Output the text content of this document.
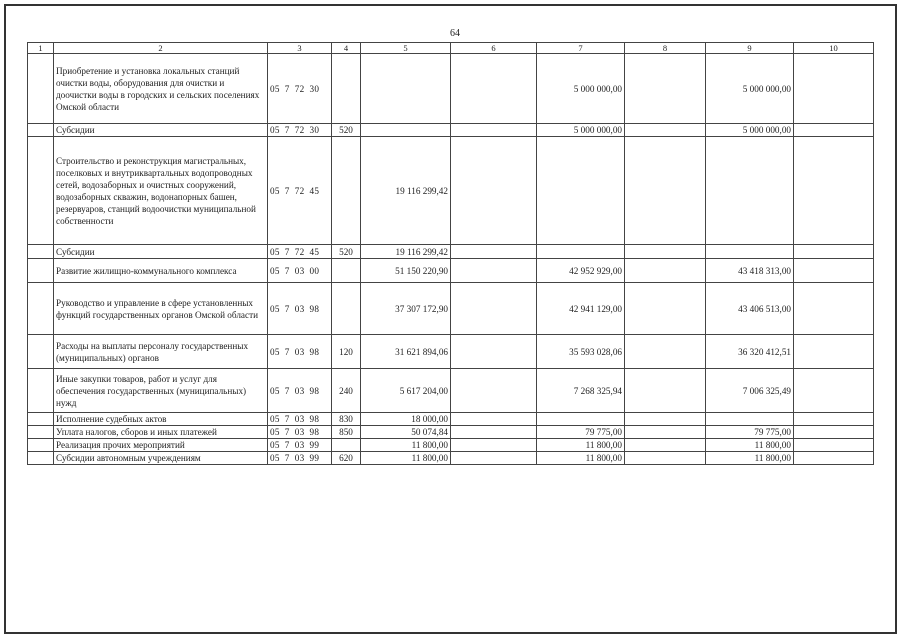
64
1	2	3	4	5	6	7	8	9	10
	Приобретение и установка локальных станций очистки воды, оборудования для очистки и доочистки воды в городских и сельских поселениях Омской области	05 7 72 30				5 000 000,00		5 000 000,00	
	Субсидии	05 7 72 30	520			5 000 000,00		5 000 000,00	
	Строительство и реконструкция магистральных, поселковых и внутриквартальных водопроводных сетей, водозаборных и очистных сооружений, водозаборных скважин, водонапорных башен, резервуаров, станций водоочистки муниципальной собственности	05 7 72 45		19 116 299,42					
	Субсидии	05 7 72 45	520	19 116 299,42					
	Развитие жилищно-коммунального комплекса	05 7 03 00		51 150 220,90		42 952 929,00		43 418 313,00	
	Руководство и управление в сфере установленных функций государственных органов Омской области	05 7 03 98		37 307 172,90		42 941 129,00		43 406 513,00	
	Расходы на выплаты персоналу государственных (муниципальных) органов	05 7 03 98	120	31 621 894,06		35 593 028,06		36 320 412,51	
	Иные закупки товаров, работ и услуг для обеспечения государственных (муниципальных) нужд	05 7 03 98	240	5 617 204,00		7 268 325,94		7 006 325,49	
	Исполнение судебных актов	05 7 03 98	830	18 000,00					
	Уплата налогов, сборов и иных платежей	05 7 03 98	850	50 074,84		79 775,00		79 775,00	
	Реализация прочих мероприятий	05 7 03 99		11 800,00		11 800,00		11 800,00	
	Субсидии автономным учреждениям	05 7 03 99	620	11 800,00		11 800,00		11 800,00	
